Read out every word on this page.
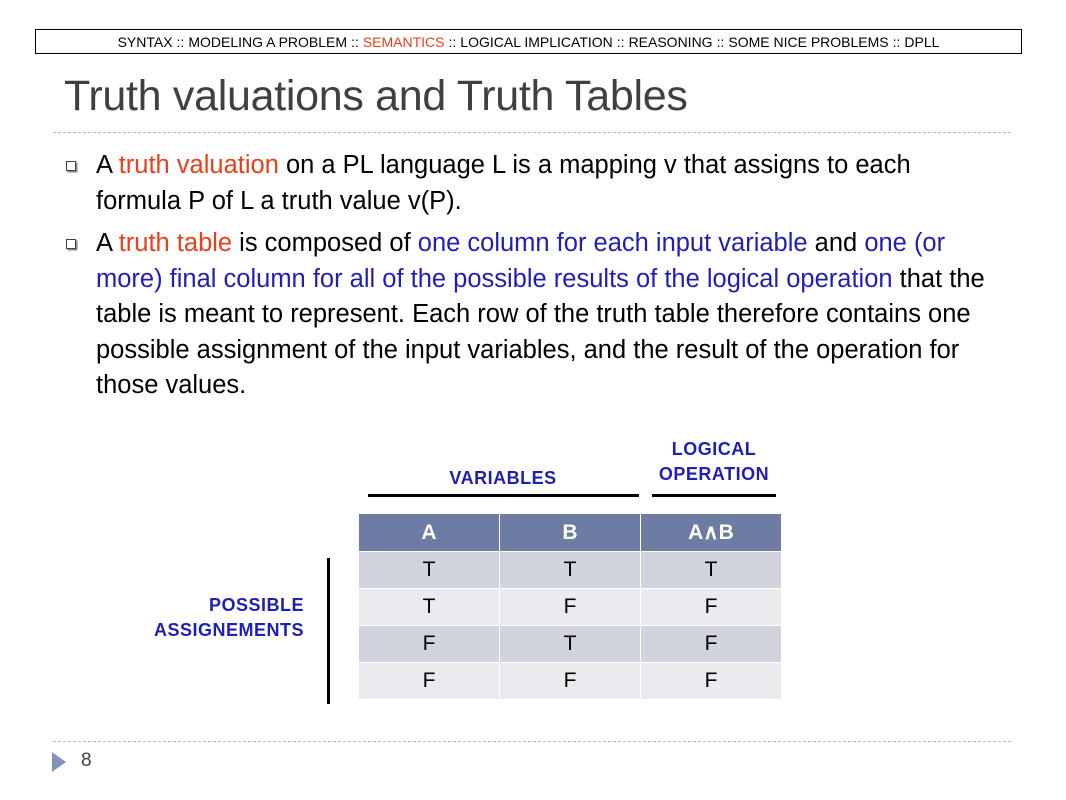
SYNTAX :: MODELING A PROBLEM :: SEMANTICS :: LOGICAL IMPLICATION :: REASONING :: SOME NICE PROBLEMS :: DPLL
Truth valuations and Truth Tables
A truth valuation on a PL language L is a mapping v that assigns to each formula P of L a truth value v(P).
A truth table is composed of one column for each input variable and one (or more) final column for all of the possible results of the logical operation that the table is meant to represent. Each row of the truth table therefore contains one possible assignment of the input variables, and the result of the operation for those values.
VARIABLES
LOGICAL OPERATION
POSSIBLE ASSIGNEMENTS
A	B	A∧B
T	T	T
T	F	F
F	T	F
F	F	F
8
